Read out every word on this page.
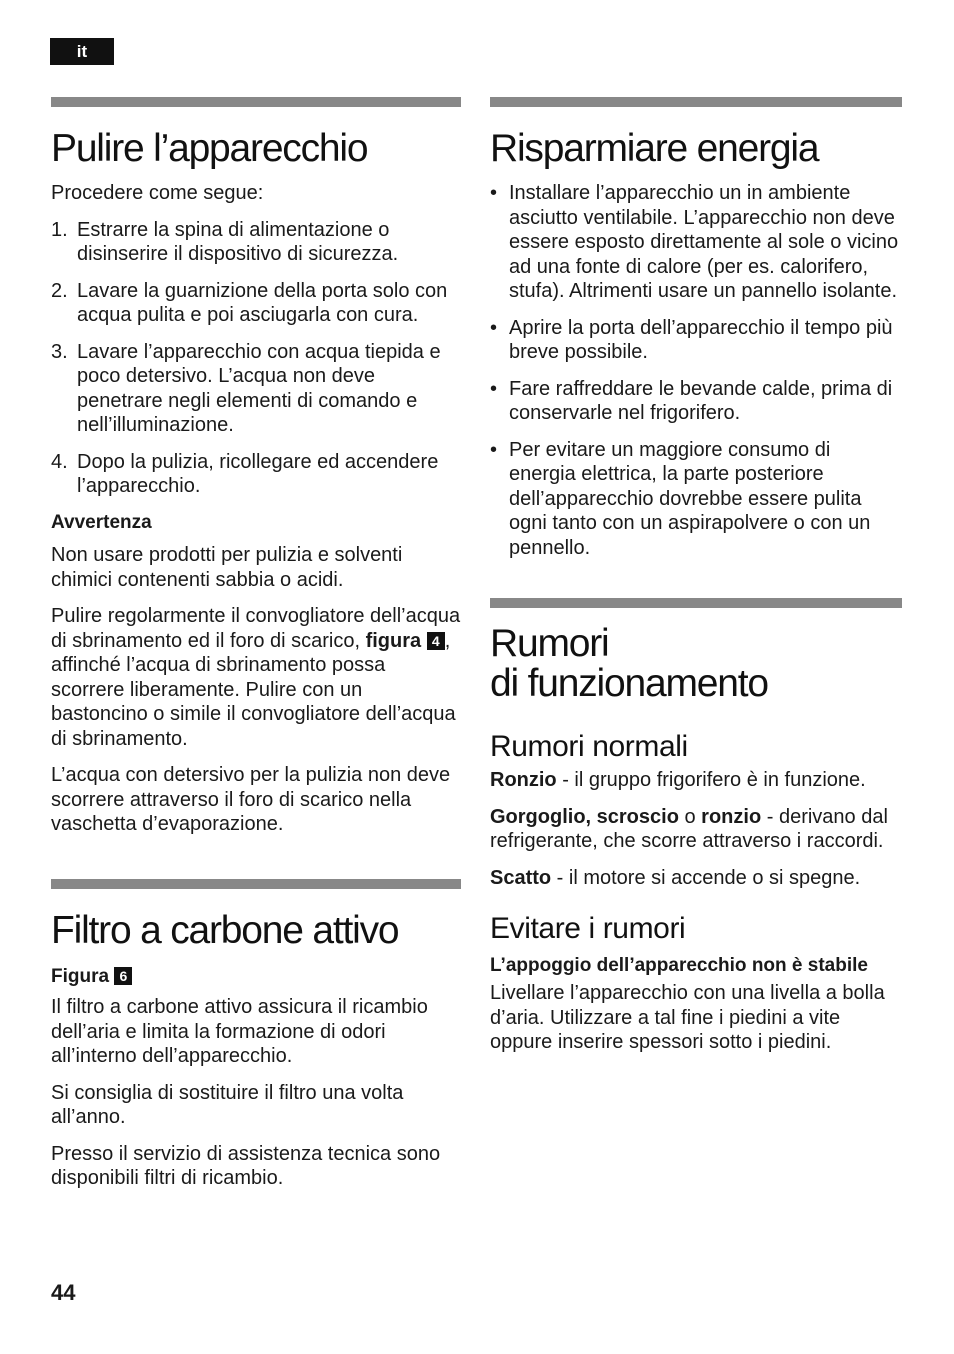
it
Pulire l’apparecchio

Procedere come segue:

1. Estrarre la spina di alimentazione o disinserire il dispositivo di sicurezza.
2. Lavare la guarnizione della porta solo con acqua pulita e poi asciugarla con cura.
3. Lavare l’apparecchio con acqua tiepida e poco detersivo. L’acqua non deve penetrare negli elementi di comando e nell’illuminazione.
4. Dopo la pulizia, ricollegare ed accendere l’apparecchio.

Avvertenza

Non usare prodotti per pulizia e solventi chimici contenenti sabbia o acidi.

Pulire regolarmente il convogliatore dell’acqua di sbrinamento ed il foro di scarico, figura 4 , affinché l’acqua di sbrinamento possa scorrere liberamente. Pulire con un bastoncino o simile il convogliatore dell’acqua di sbrinamento.

L’acqua con detersivo per la pulizia non deve scorrere attraverso il foro di scarico nella vaschetta d’evaporazione.

Filtro a carbone attivo

Figura 6

Il filtro a carbone attivo assicura il ricambio dell’aria e limita la formazione di odori all’interno dell’apparecchio.

Si consiglia di sostituire il filtro una volta all’anno.

Presso il servizio di assistenza tecnica sono disponibili filtri di ricambio.

Risparmiare energia
• Installare l’apparecchio un in ambiente asciutto ventilabile. L’apparecchio non deve essere esposto direttamente al sole o vicino ad una fonte di calore (per es. calorifero, stufa). Altrimenti usare un pannello isolante.
• Aprire la porta dell’apparecchio il tempo più breve possibile.
• Fare raffreddare le bevande calde, prima di conservarle nel frigorifero.
• Per evitare un maggiore consumo di energia elettrica, la parte posteriore dell’apparecchio dovrebbe essere pulita ogni tanto con un aspirapolvere o con un pennello.
Rumori
di funzionamento
Rumori normali

Ronzio - il gruppo frigorifero è in funzione.

Gorgoglio, scroscio o ronzio - derivano dal refrigerante, che scorre attraverso i raccordi.

Scatto - il motore si accende o si spegne.

Evitare i rumori

L’appoggio dell’apparecchio non è stabile

Livellare l’apparecchio con una livella a bolla d’aria. Utilizzare a tal fine i piedini a vite oppure inserire spessori sotto i piedini.

44
